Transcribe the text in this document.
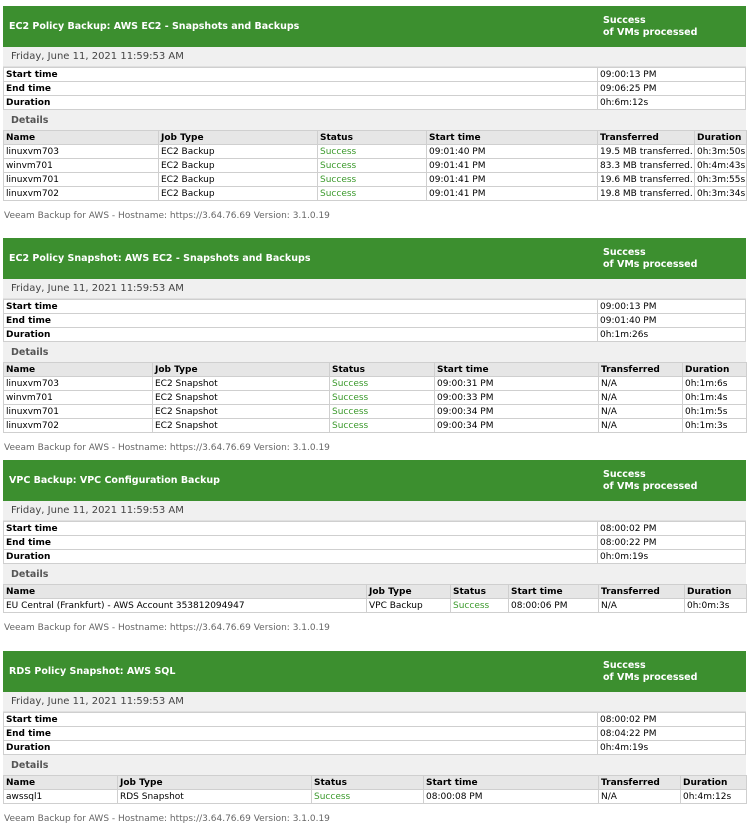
EC2 Policy Backup: AWS EC2 - Snapshots and Backups
Success
of VMs processed
Friday, June 11, 2021 11:59:53 AM
Start time	09:00:13 PM
End time	09:06:25 PM
Duration	0h:6m:12s
Details
Name	Job Type	Status	Start time	Transferred	Duration
linuxvm703	EC2 Backup	Success	09:01:40 PM	19.5 MB transferred.	0h:3m:50s
winvm701	EC2 Backup	Success	09:01:41 PM	83.3 MB transferred.	0h:4m:43s
linuxvm701	EC2 Backup	Success	09:01:41 PM	19.6 MB transferred.	0h:3m:55s
linuxvm702	EC2 Backup	Success	09:01:41 PM	19.8 MB transferred.	0h:3m:34s
Veeam Backup for AWS - Hostname: https://3.64.76.69 Version: 3.1.0.19
EC2 Policy Snapshot: AWS EC2 - Snapshots and Backups
Success
of VMs processed
Friday, June 11, 2021 11:59:53 AM
Start time	09:00:13 PM
End time	09:01:40 PM
Duration	0h:1m:26s
Details
Name	Job Type	Status	Start time	Transferred	Duration
linuxvm703	EC2 Snapshot	Success	09:00:31 PM	N/A	0h:1m:6s
winvm701	EC2 Snapshot	Success	09:00:33 PM	N/A	0h:1m:4s
linuxvm701	EC2 Snapshot	Success	09:00:34 PM	N/A	0h:1m:5s
linuxvm702	EC2 Snapshot	Success	09:00:34 PM	N/A	0h:1m:3s
Veeam Backup for AWS - Hostname: https://3.64.76.69 Version: 3.1.0.19
VPC Backup: VPC Configuration Backup
Success
of VMs processed
Friday, June 11, 2021 11:59:53 AM
Start time	08:00:02 PM
End time	08:00:22 PM
Duration	0h:0m:19s
Details
Name	Job Type	Status	Start time	Transferred	Duration
EU Central (Frankfurt) - AWS Account 353812094947	VPC Backup	Success	08:00:06 PM	N/A	0h:0m:3s
Veeam Backup for AWS - Hostname: https://3.64.76.69 Version: 3.1.0.19
RDS Policy Snapshot: AWS SQL
Success
of VMs processed
Friday, June 11, 2021 11:59:53 AM
Start time	08:00:02 PM
End time	08:04:22 PM
Duration	0h:4m:19s
Details
Name	Job Type	Status	Start time	Transferred	Duration
awssql1	RDS Snapshot	Success	08:00:08 PM	N/A	0h:4m:12s
Veeam Backup for AWS - Hostname: https://3.64.76.69 Version: 3.1.0.19
